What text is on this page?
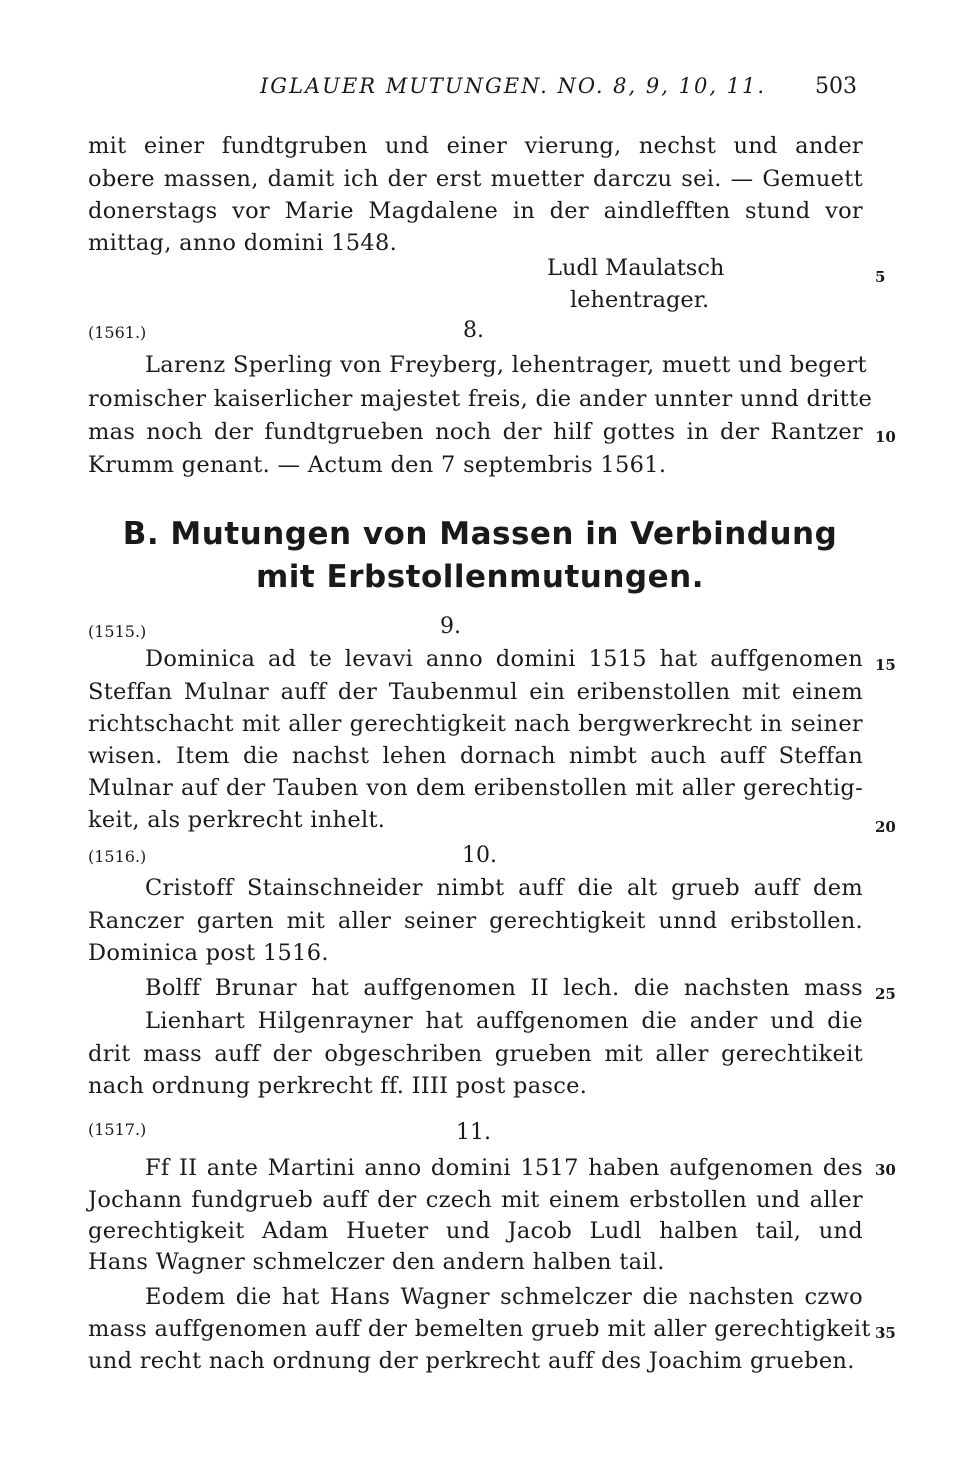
IGLAUER MUTUNGEN. NO. 8, 9, 10, 11. 503
mit einer fundtgruben und einer vierung, nechst und ander
obere massen, damit ich der erst muetter darczu sei. — Gemuett
donerstags vor Marie Magdalene in der aindlefften stund vor
mittag, anno domini 1548.
Ludl Maulatsch
lehentrager.
5
(1561.)	8.
Larenz Sperling von Freyberg, lehentrager, muett und begert
romischer kaiserlicher majestet freis, die ander unnter unnd dritte
mas noch der fundtgrueben noch der hilf gottes in der Rantzer
Krumm genant. — Actum den 7 septembris 1561.
10
B. Mutungen von Massen in Verbindung
mit Erbstollenmutungen.
(1515.)	9.
Dominica ad te levavi anno domini 1515 hat auffgenomen
Steffan Mulnar auff der Taubenmul ein eribenstollen mit einem
richtschacht mit aller gerechtigkeit nach bergwerkrecht in seiner
wisen. Item die nachst lehen dornach nimbt auch auff Steffan
Mulnar auf der Tauben von dem eribenstollen mit aller gerechtig-
keit, als perkrecht inhelt.
15
20
(1516.)	10.
Cristoff Stainschneider nimbt auff die alt grueb auff dem
Ranczer garten mit aller seiner gerechtigkeit unnd eribstollen.
Dominica post 1516.
Bolff Brunar hat auffgenomen II lech. die nachsten mass
Lienhart Hilgenrayner hat auffgenomen die ander und die
drit mass auff der obgeschriben grueben mit aller gerechtikeit
nach ordnung perkrecht ff. IIII post pasce.
25
(1517.)	11.
Ff II ante Martini anno domini 1517 haben aufgenomen des
Jochann fundgrueb auff der czech mit einem erbstollen und aller
gerechtigkeit Adam Hueter und Jacob Ludl halben tail, und
Hans Wagner schmelczer den andern halben tail.
Eodem die hat Hans Wagner schmelczer die nachsten czwo
mass auffgenomen auff der bemelten grueb mit aller gerechtigkeit
und recht nach ordnung der perkrecht auff des Joachim grueben.
30
35
